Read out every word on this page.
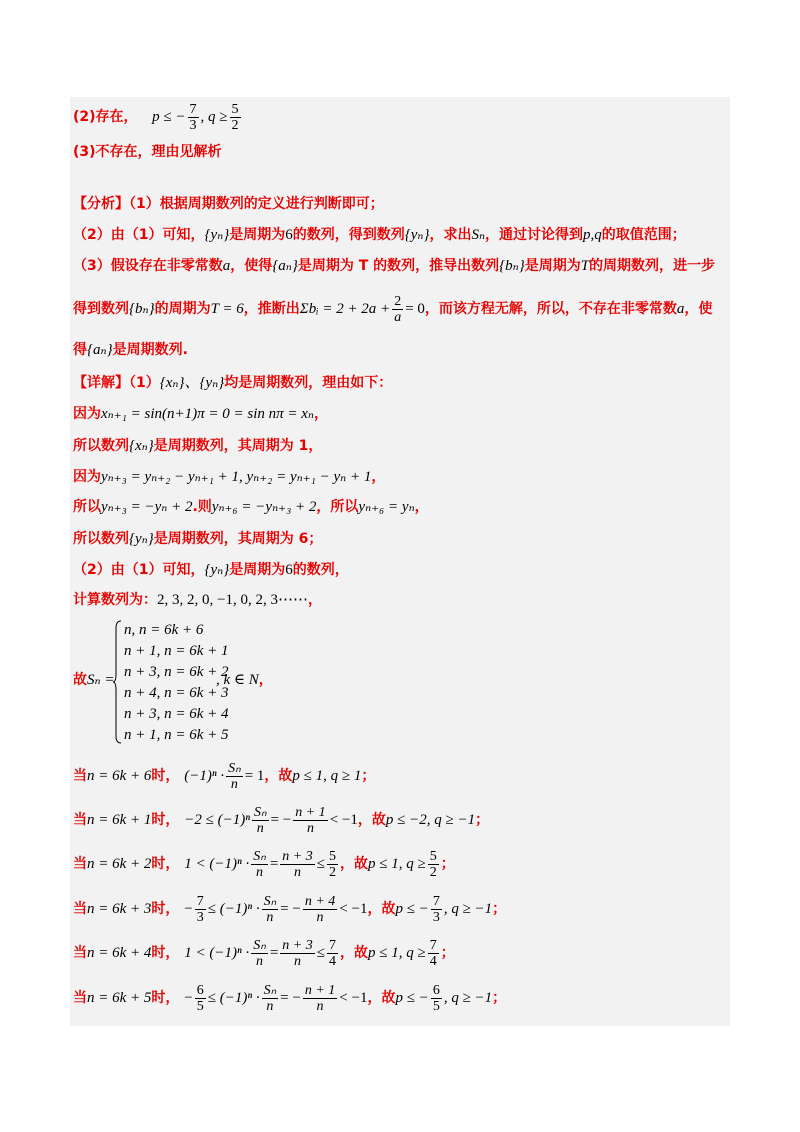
(2)存在， p ≤ − $\frac{7}{3}$ , $q \ge \frac{5}{2}$
(3)不存在，理由见解析
【分析】（1）根据周期数列的定义进行判断即可；
（2）由（1）可知，{yₙ}是周期为6的数列，得到数列{yₙ}，求出Sₙ，通过讨论得到p,q的取值范围；
（3）假设存在非零常数a，使得{aₙ}是周期为 T 的数列，推导出数列{bₙ}是周期为T的周期数列，进一步
得到数列{bₙ}的周期为T = 6，推断出Σbᵢ = $2 + 2a + \frac{2}{a} = 0$，而该方程无解，所以，不存在非零常数a，使
得{aₙ}是周期数列.
【详解】（1）{xₙ}、{yₙ}均是周期数列，理由如下：
因为xₙ₊₁ = sin(n+1)π = 0 = sin nπ = xₙ，
所以数列{xₙ}是周期数列，其周期为 1，
因为yₙ₊₃ = yₙ₊₂ − yₙ₊₁ + 1, yₙ₊₂ = yₙ₊₁ − yₙ + 1，
所以yₙ₊₃ = −yₙ + 2.则yₙ₊₆ = −yₙ₊₃ + 2，所以yₙ₊₆ = yₙ，
所以数列{yₙ}是周期数列，其周期为 6；
（2）由（1）可知，{yₙ}是周期为6的数列，
计算数列为：2, 3, 2, 0, −1, 0, 2, 3⋯⋯，
故Sₙ =
n, n = 6k + 6
n + 1, n = 6k + 1
n + 3, n = 6k + 2
n + 4, n = 6k + 3
n + 3, n = 6k + 4
n + 1, n = 6k + 5
, k ∈ N，
当n = 6k + 6时， $(-1)^n \cdot \frac{\text{Sₙ}}{n} = 1$，故p ≤ 1, q ≥ 1；
当n = 6k + 1时， $-2 \le (-1)^n \frac{\text{Sₙ}}{n}$ = − $\frac{n + 1}{n} < -1$，故p ≤ −2, q ≥ −1；
当n = 6k + 2时， $1 < (-1)^n \cdot \frac{\text{Sₙ}}{n} = \frac{n + 3}{n} \le \frac{5}{2}$ ，故p ≤ 1, $q \ge \frac{5}{2}$ ；
当n = 6k + 3时， − $\frac{7}{3} \le (-1)^n \cdot \frac{\text{Sₙ}}{n}$ = − $\frac{n + 4}{n} < -1$，故p ≤ − $\frac{7}{3}$ , q ≥ −1；
当n = 6k + 4时， $1 < (-1)^n \cdot \frac{\text{Sₙ}}{n} = \frac{n + 3}{n} \le \frac{7}{4}$ ，故p ≤ 1, $q \ge \frac{7}{4}$ ；
当n = 6k + 5时， − $\frac{6}{5} \le (-1)^n \cdot \frac{\text{Sₙ}}{n}$ = − $\frac{n + 1}{n} < -1$，故p ≤ − $\frac{6}{5}$ , q ≥ −1；
